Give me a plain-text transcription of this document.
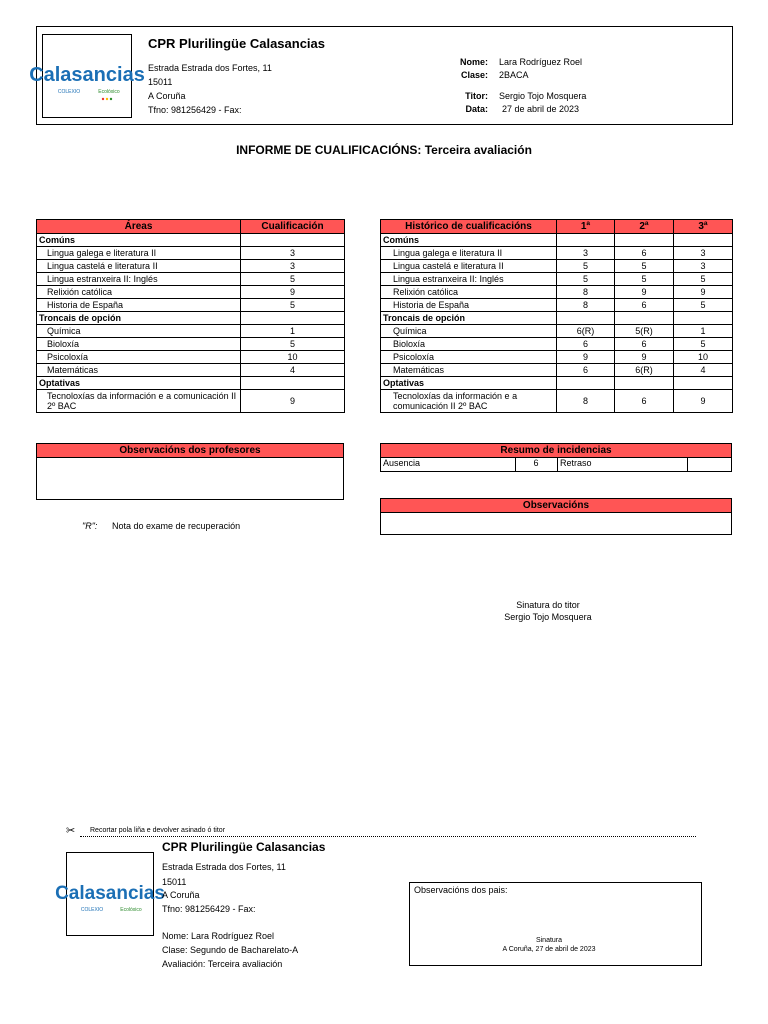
Calasancias
COLEXIO	Ecolóxico
CPR Plurilingüe Calasancias
Estrada Estrada dos Fortes, 11
15011
A Coruña
Tfno: 981256429 - Fax:
Nome: Lara Rodríguez Roel
Clase: 2BACA
Titor: Sergio Tojo Mosquera
Data: 27 de abril de 2023
INFORME DE CUALIFICACIÓNS: Terceira avaliación
Áreas	Cualificación
Comúns	
Lingua galega e literatura II	3
Lingua castelá e literatura II	3
Lingua estranxeira II: Inglés	5
Relixión católica	9
Historia de España	5
Troncais de opción	
Química	1
Bioloxía	5
Psicoloxía	10
Matemáticas	4
Optativas	
Tecnoloxías da información e a comunicación II 2º BAC	9
Histórico de cualificacións	1ª	2ª	3ª
Comúns			
Lingua galega e literatura II	3	6	3
Lingua castelá e literatura II	5	5	3
Lingua estranxeira II: Inglés	5	5	5
Relixión católica	8	9	9
Historia de España	8	6	5
Troncais de opción			
Química	6(R)	5(R)	1
Bioloxía	6	6	5
Psicoloxía	9	9	10
Matemáticas	6	6(R)	4
Optativas			
Tecnoloxías da información e a comunicación II 2º BAC	8	6	9
Observacións dos profesores	Resumo de incidencias
Ausencia	6	Retraso
Observacións
"R": Nota do exame de recuperación
Sinatura do titor
Sergio Tojo Mosquera
✂ Recortar pola liña e devolver asinado ó titor
Calasancias
COLEXIO	Ecolóxico
CPR Plurilingüe Calasancias
Estrada Estrada dos Fortes, 11
15011
A Coruña
Tfno: 981256429 - Fax:
Nome: Lara Rodríguez Roel
Clase: Segundo de Bacharelato-A
Avaliación: Terceira avaliación
Observacións dos pais:
Sinatura
A Coruña, 27 de abril de 2023
